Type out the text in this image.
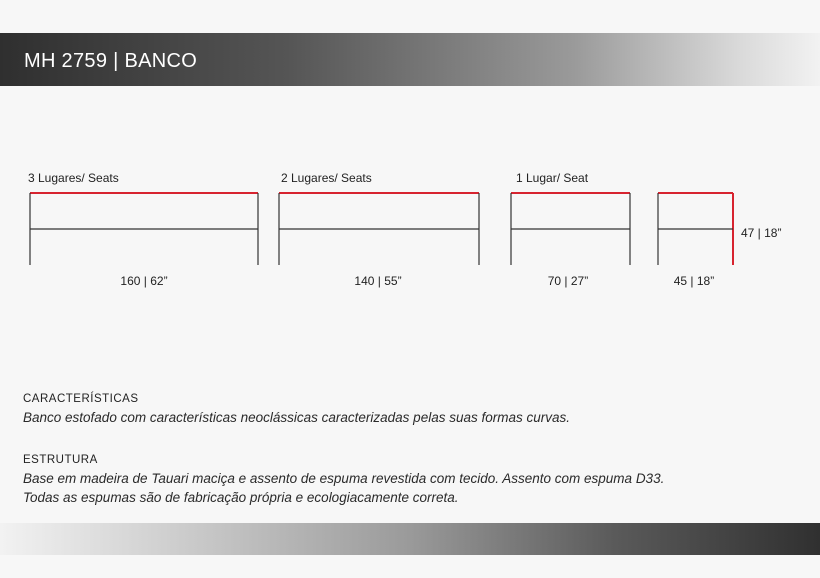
MH 2759 | BANCO
3 Lugares/ Seats
160 | 62”
2 Lugares/ Seats
140 | 55”
1 Lugar/ Seat
70 | 27”	45 | 18”
47 | 18”
CARACTERÍSTICAS
Banco estofado com características neoclássicas caracterizadas pelas suas formas curvas.
ESTRUTURA
Base em madeira de Tauari maciça e assento de espuma revestida com tecido. Assento com espuma D33. Todas as espumas são de fabricação própria e ecologiacamente correta.
